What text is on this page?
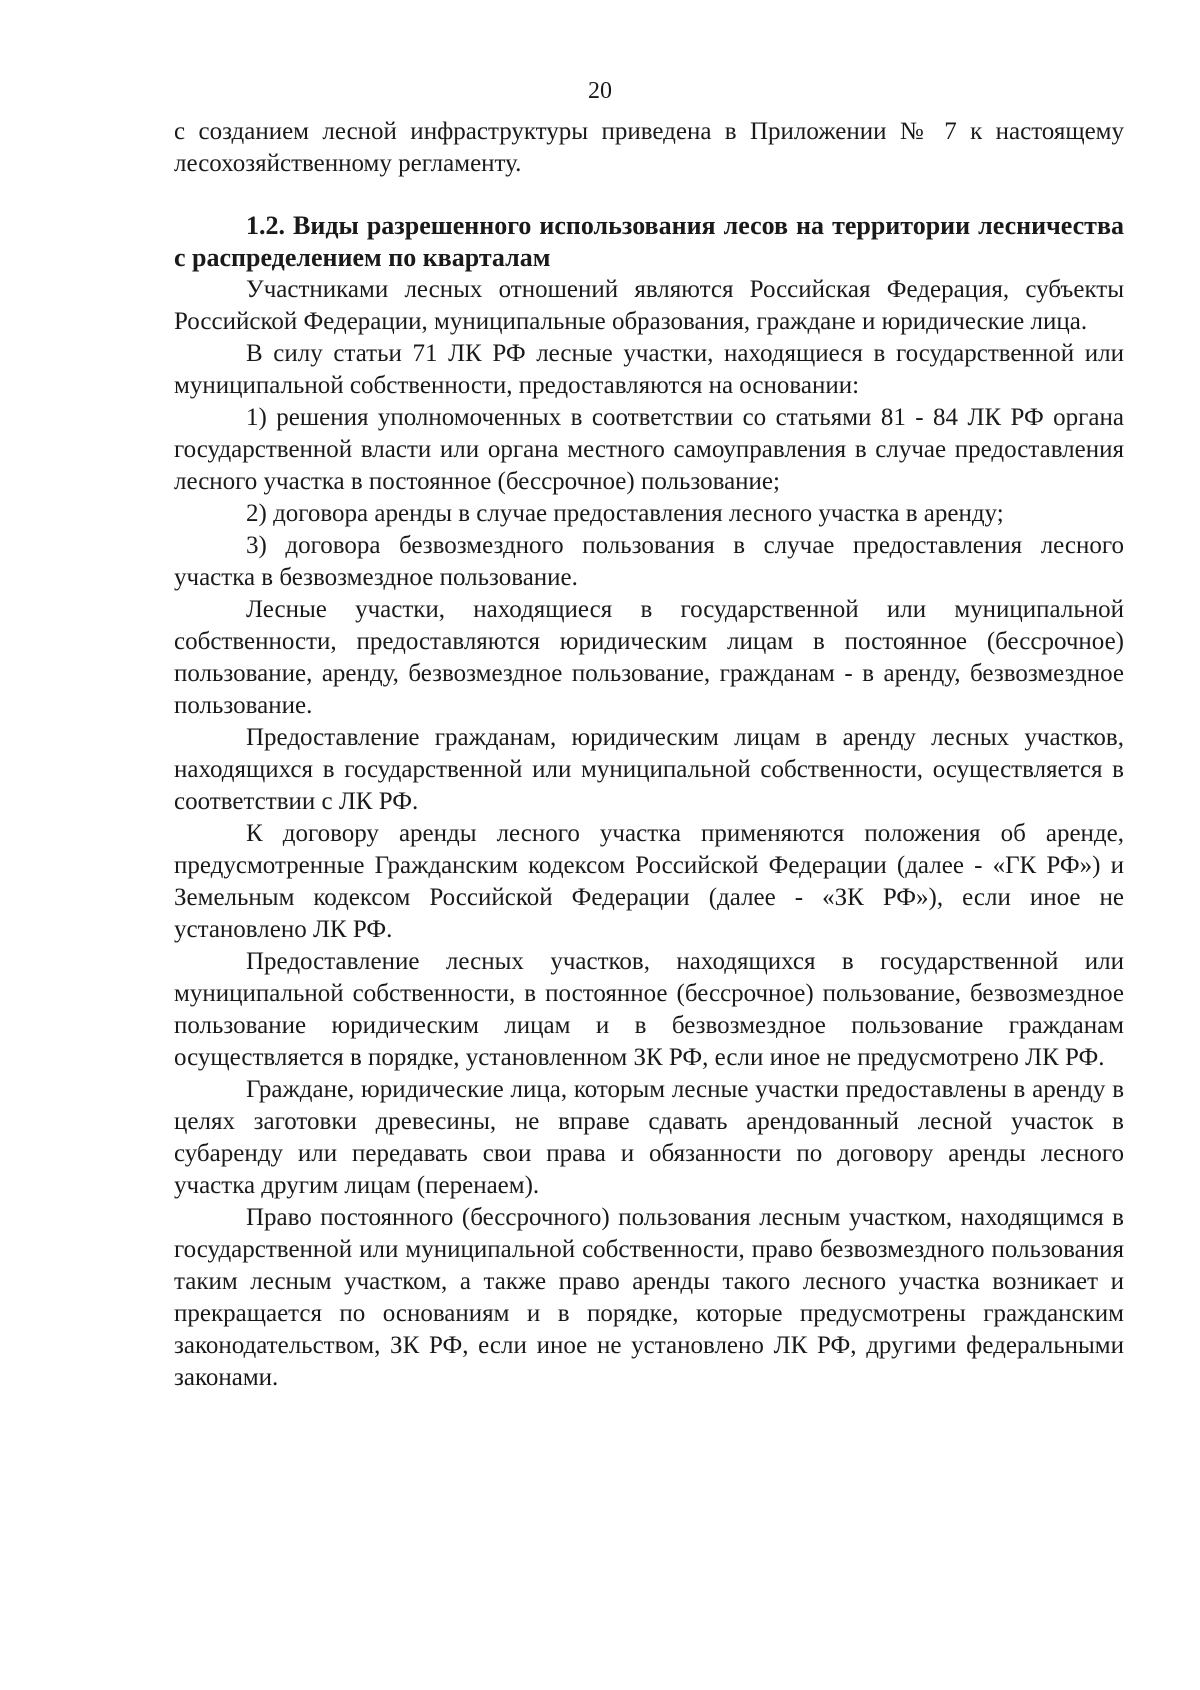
20

с созданием лесной инфраструктуры приведена в Приложении № 7 к настоящему лесохозяйственному регламенту.

1.2. Виды разрешенного использования лесов на территории лесничества с распределением по кварталам

Участниками лесных отношений являются Российская Федерация, субъекты Российской Федерации, муниципальные образования, граждане и юридические лица.

В силу статьи 71 ЛК РФ лесные участки, находящиеся в государственной или муниципальной собственности, предоставляются на основании:

1) решения уполномоченных в соответствии со статьями 81 - 84 ЛК РФ органа государственной власти или органа местного самоуправления в случае предоставления лесного участка в постоянное (бессрочное) пользование;

2) договора аренды в случае предоставления лесного участка в аренду;

3) договора безвозмездного пользования в случае предоставления лесного участка в безвозмездное пользование.

Лесные участки, находящиеся в государственной или муниципальной собственности, предоставляются юридическим лицам в постоянное (бессрочное) пользование, аренду, безвозмездное пользование, гражданам - в аренду, безвозмездное пользование.

Предоставление гражданам, юридическим лицам в аренду лесных участков, находящихся в государственной или муниципальной собственности, осуществляется в соответствии с ЛК РФ.

К договору аренды лесного участка применяются положения об аренде, предусмотренные Гражданским кодексом Российской Федерации (далее - «ГК РФ») и Земельным кодексом Российской Федерации (далее - «ЗК РФ»), если иное не установлено ЛК РФ.

Предоставление лесных участков, находящихся в государственной или муниципальной собственности, в постоянное (бессрочное) пользование, безвозмездное пользование юридическим лицам и в безвозмездное пользование гражданам осуществляется в порядке, установленном ЗК РФ, если иное не предусмотрено ЛК РФ.

Граждане, юридические лица, которым лесные участки предоставлены в аренду в целях заготовки древесины, не вправе сдавать арендованный лесной участок в субаренду или передавать свои права и обязанности по договору аренды лесного участка другим лицам (перенаем).

Право постоянного (бессрочного) пользования лесным участком, находящимся в государственной или муниципальной собственности, право безвозмездного пользования таким лесным участком, а также право аренды такого лесного участка возникает и прекращается по основаниям и в порядке, которые предусмотрены гражданским законодательством, ЗК РФ, если иное не установлено ЛК РФ, другими федеральными законами.
